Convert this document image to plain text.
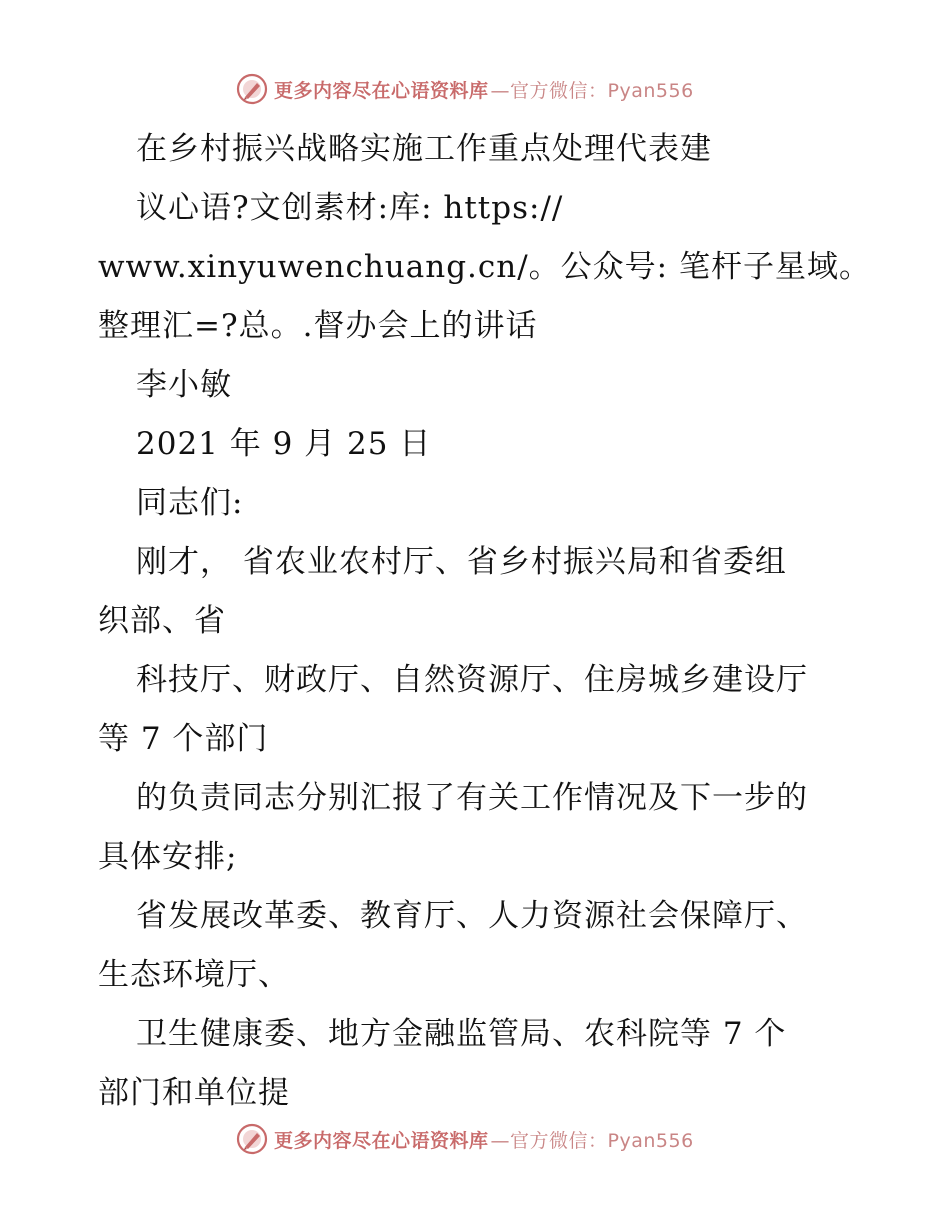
更多内容尽在心语资料库 —官方微信：Pyan556
在乡村振兴战略实施工作重点处理代表建
议心语?文创素材:库: https://
www.xinyuwenchuang.cn/。公众号: 笔杆子星域。
整理汇=?总。.督办会上的讲话
李小敏
2021 年 9 月 25 日
同志们:
刚才， 省农业农村厅、省乡村振兴局和省委组
织部、省
科技厅、财政厅、自然资源厅、住房城乡建设厅
等 7 个部门
的负责同志分别汇报了有关工作情况及下一步的
具体安排;
省发展改革委、教育厅、人力资源社会保障厅、
生态环境厅、
卫生健康委、地方金融监管局、农科院等 7 个
部门和单位提
更多内容尽在心语资料库 —官方微信：Pyan556
